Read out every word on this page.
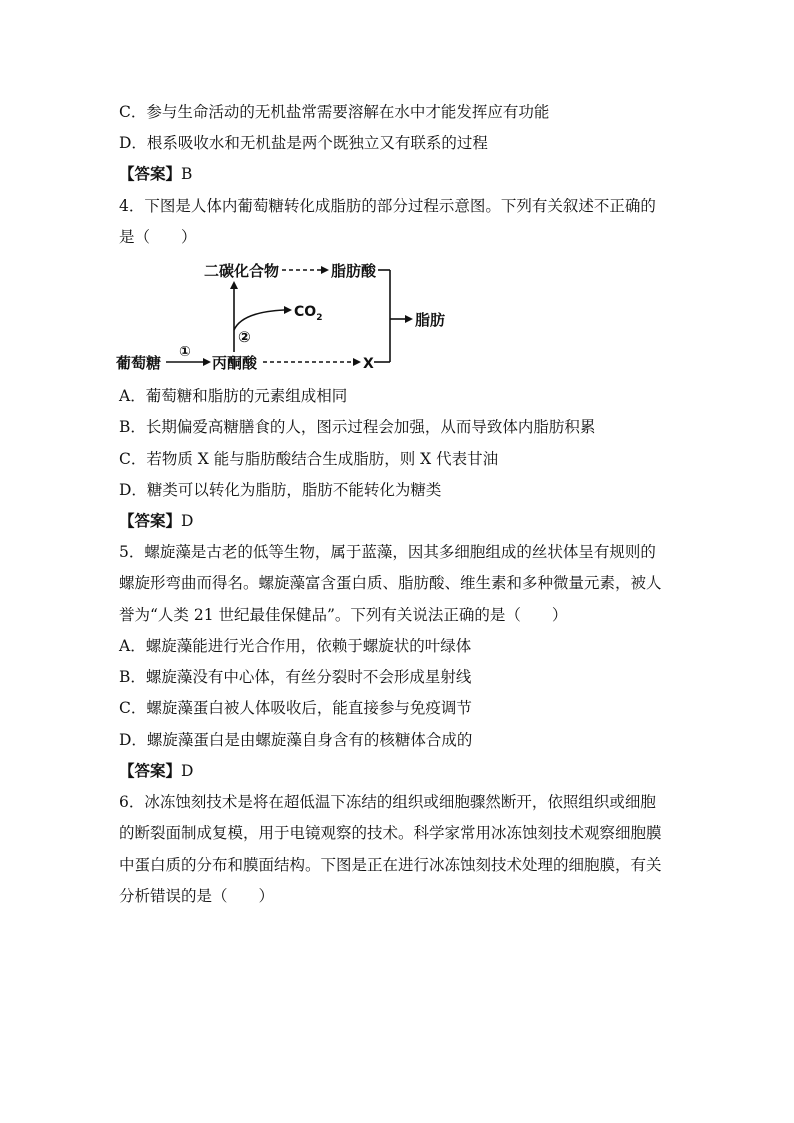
C．参与生命活动的无机盐常需要溶解在水中才能发挥应有功能
D．根系吸收水和无机盐是两个既独立又有联系的过程
【答案】B
4．下图是人体内葡萄糖转化成脂肪的部分过程示意图。下列有关叙述不正确的
是（　　）
二碳化合物	脂肪酸
脂肪
$CO_2$
②
葡萄糖
①
丙酮酸	X
A．葡萄糖和脂肪的元素组成相同
B．长期偏爱高糖膳食的人，图示过程会加强，从而导致体内脂肪积累
C．若物质 X 能与脂肪酸结合生成脂肪，则 X 代表甘油
D．糖类可以转化为脂肪，脂肪不能转化为糖类
【答案】D
5．螺旋藻是古老的低等生物，属于蓝藻，因其多细胞组成的丝状体呈有规则的
螺旋形弯曲而得名。螺旋藻富含蛋白质、脂肪酸、维生素和多种微量元素，被人
誉为“人类 21 世纪最佳保健品”。下列有关说法正确的是（　　）
A．螺旋藻能进行光合作用，依赖于螺旋状的叶绿体
B．螺旋藻没有中心体，有丝分裂时不会形成星射线
C．螺旋藻蛋白被人体吸收后，能直接参与免疫调节
D．螺旋藻蛋白是由螺旋藻自身含有的核糖体合成的
【答案】D
6．冰冻蚀刻技术是将在超低温下冻结的组织或细胞骤然断开，依照组织或细胞
的断裂面制成复模，用于电镜观察的技术。科学家常用冰冻蚀刻技术观察细胞膜
中蛋白质的分布和膜面结构。下图是正在进行冰冻蚀刻技术处理的细胞膜，有关
分析错误的是（　　）
